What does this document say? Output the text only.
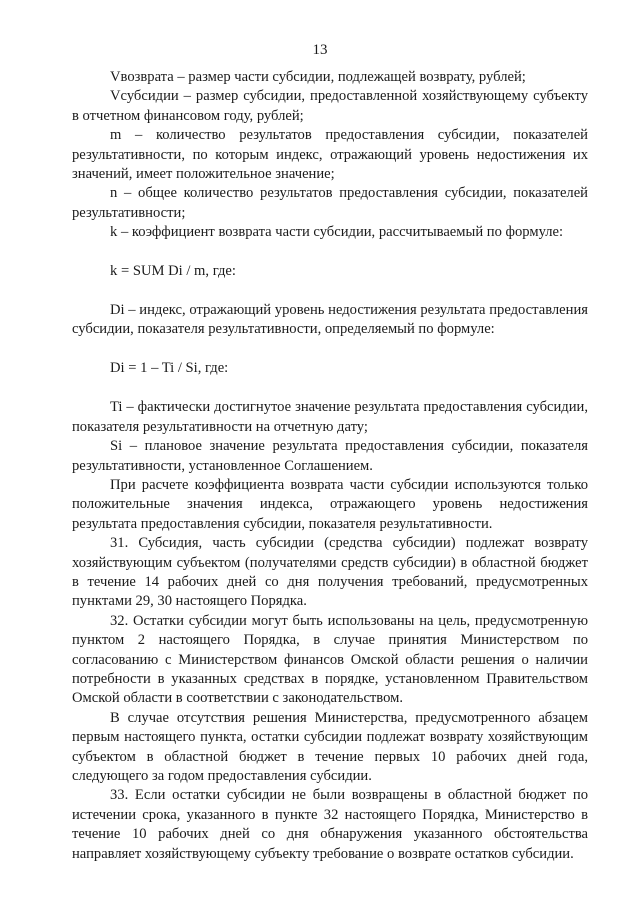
13

Vвозврата – размер части субсидии, подлежащей возврату, рублей;

Vсубсидии – размер субсидии, предоставленной хозяйствующему субъекту в отчетном финансовом году, рублей;

m – количество результатов предоставления субсидии, показателей результативности, по которым индекс, отражающий уровень недостижения их значений, имеет положительное значение;

n – общее количество результатов предоставления субсидии, показателей результативности;

k – коэффициент возврата части субсидии, рассчитываемый по формуле:

k = SUM Di / m, где:

Di – индекс, отражающий уровень недостижения результата предоставления субсидии, показателя результативности, определяемый по формуле:

Di = 1 – Ti / Si, где:

Ti – фактически достигнутое значение результата предоставления субсидии, показателя результативности на отчетную дату;

Si – плановое значение результата предоставления субсидии, показателя результативности, установленное Соглашением.

При расчете коэффициента возврата части субсидии используются только положительные значения индекса, отражающего уровень недостижения результата предоставления субсидии, показателя результативности.

31. Субсидия, часть субсидии (средства субсидии) подлежат возврату хозяйствующим субъектом (получателями средств субсидии) в областной бюджет в течение 14 рабочих дней со дня получения требований, предусмотренных пунктами 29, 30 настоящего Порядка.

32. Остатки субсидии могут быть использованы на цель, предусмотренную пунктом 2 настоящего Порядка, в случае принятия Министерством по согласованию с Министерством финансов Омской области решения о наличии потребности в указанных средствах в порядке, установленном Правительством Омской области в соответствии с законодательством.

В случае отсутствия решения Министерства, предусмотренного абзацем первым настоящего пункта, остатки субсидии подлежат возврату хозяйствующим субъектом в областной бюджет в течение первых 10 рабочих дней года, следующего за годом предоставления субсидии.

33. Если остатки субсидии не были возвращены в областной бюджет по истечении срока, указанного в пункте 32 настоящего Порядка, Министерство в течение 10 рабочих дней со дня обнаружения указанного обстоятельства направляет хозяйствующему субъекту требование о возврате остатков субсидии.
